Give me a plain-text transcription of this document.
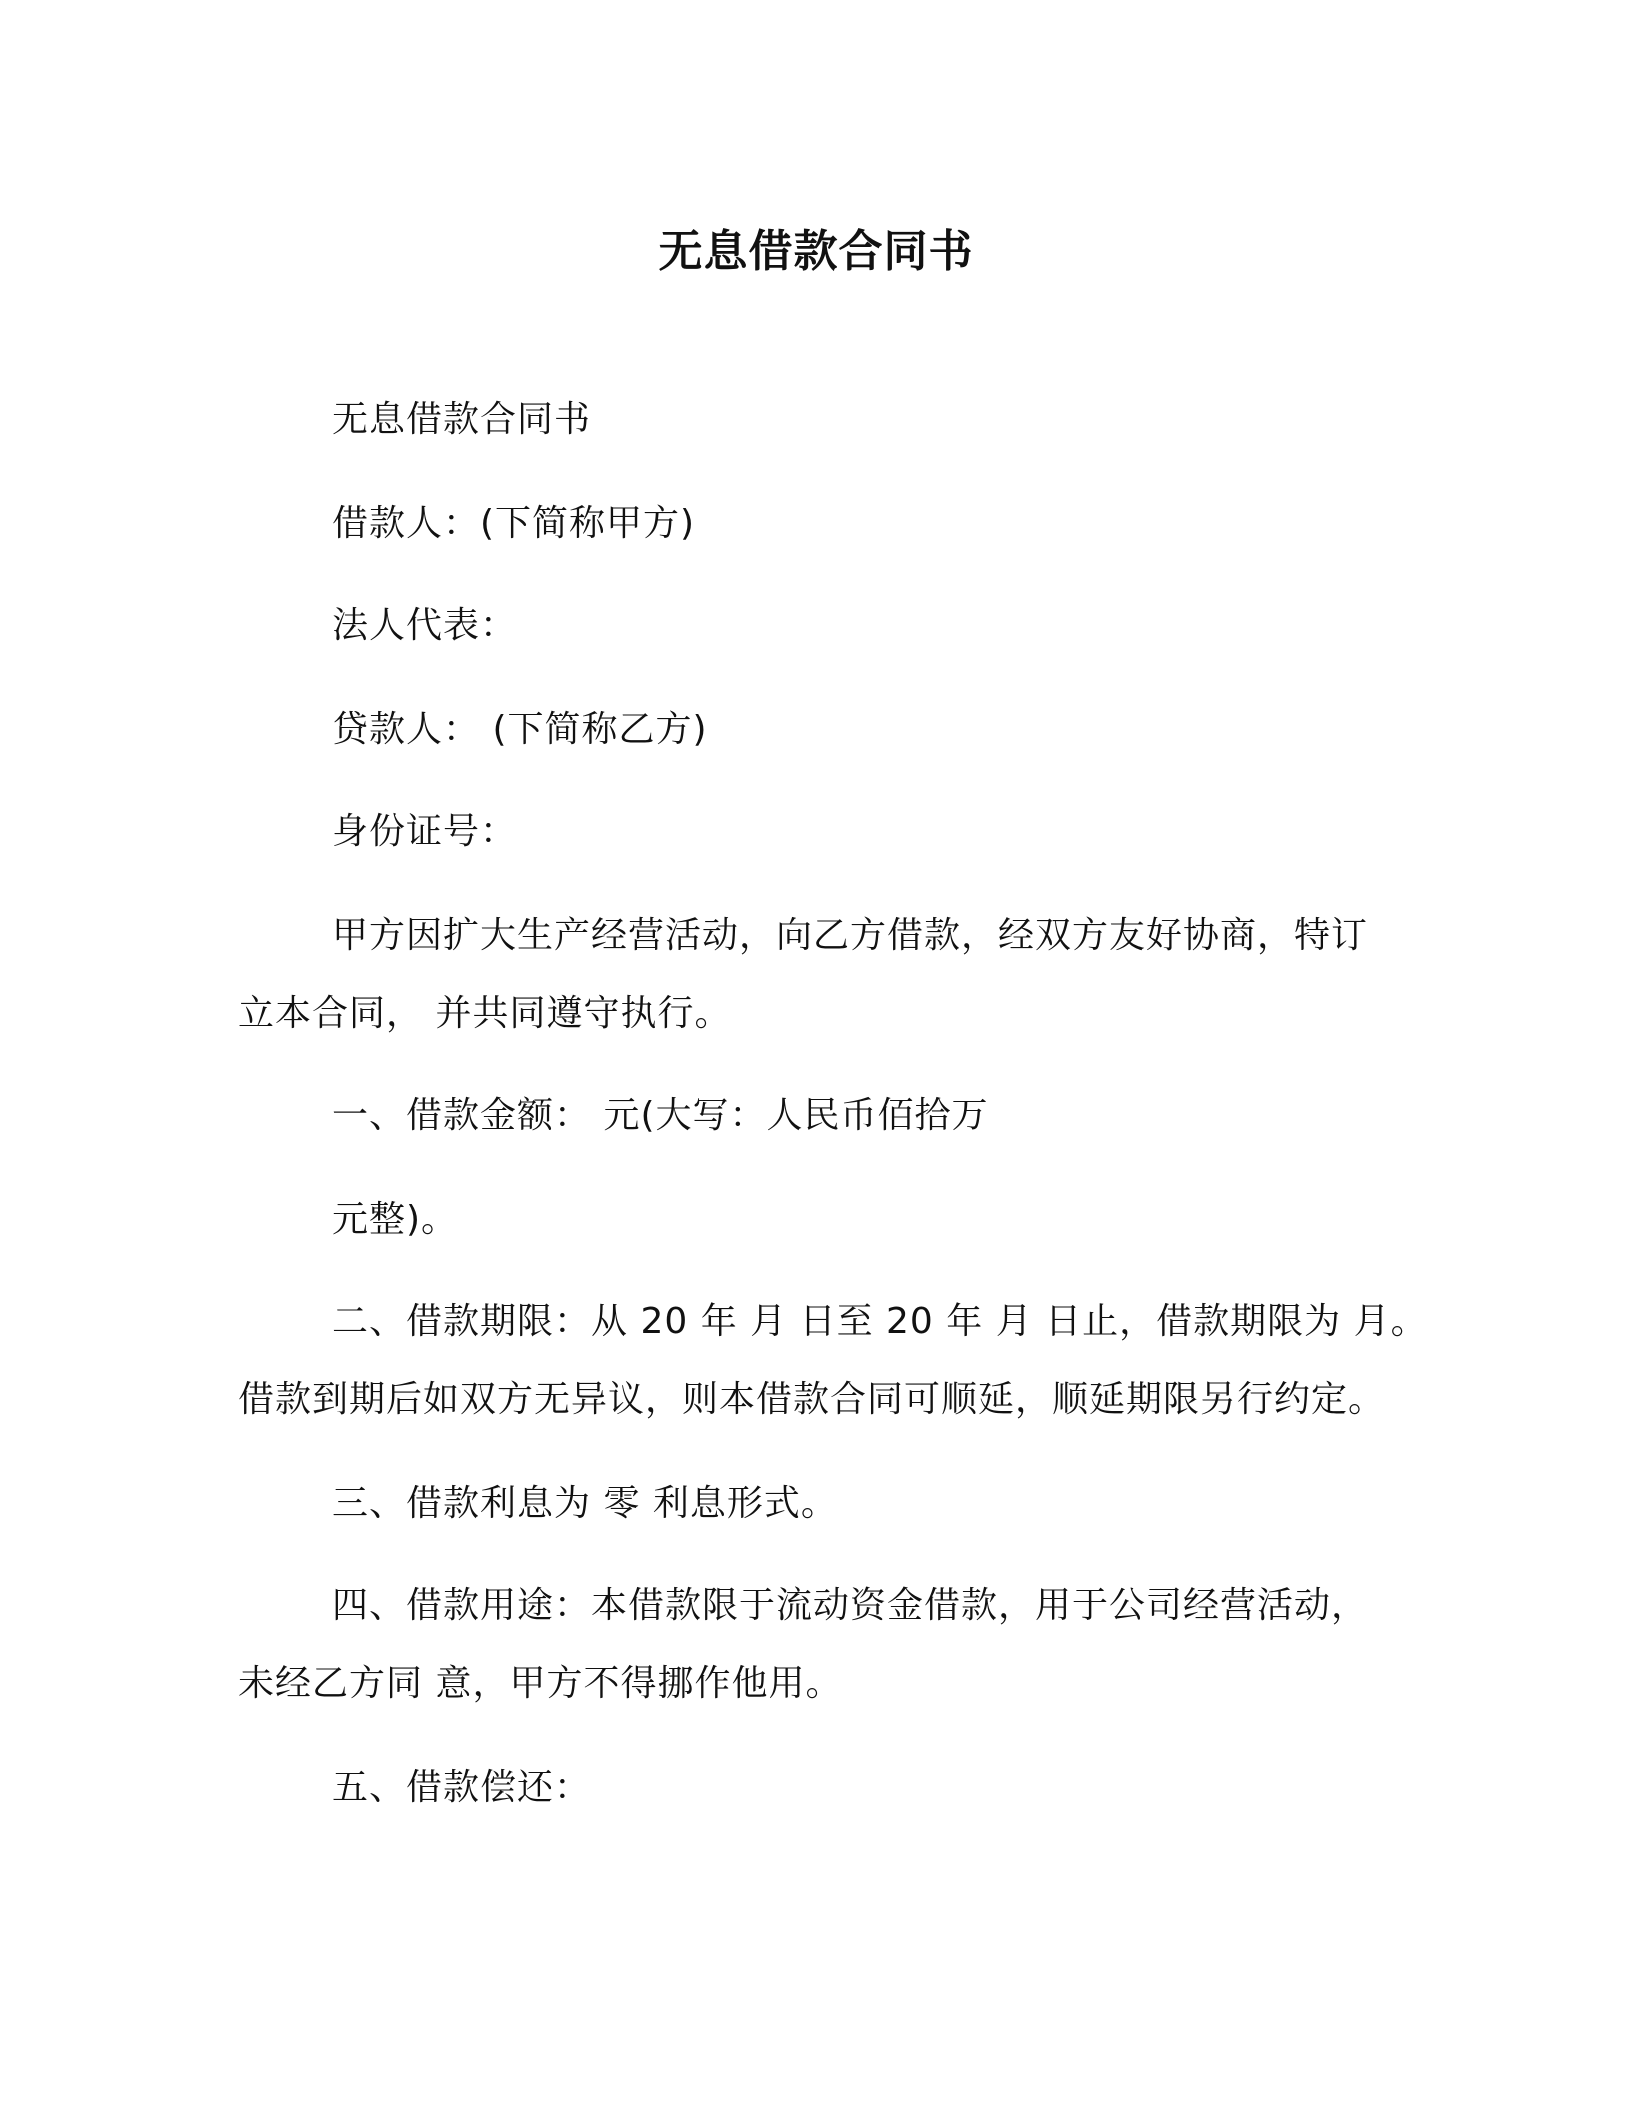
无息借款合同书
无息借款合同书
借款人：(下简称甲方)
法人代表：
贷款人： (下简称乙方)
身份证号：
甲方因扩大生产经营活动，向乙方借款，经双方友好协商，特订
立本合同， 并共同遵守执行。
一、借款金额： 元(大写：人民币佰拾万
元整)。
二、借款期限：从 20 年 月 日至 20 年 月 日止，借款期限为 月。
借款到期后如双方无异议，则本借款合同可顺延，顺延期限另行约定。
三、借款利息为 零 利息形式。
四、借款用途：本借款限于流动资金借款，用于公司经营活动，
未经乙方同 意，甲方不得挪作他用。
五、借款偿还：
